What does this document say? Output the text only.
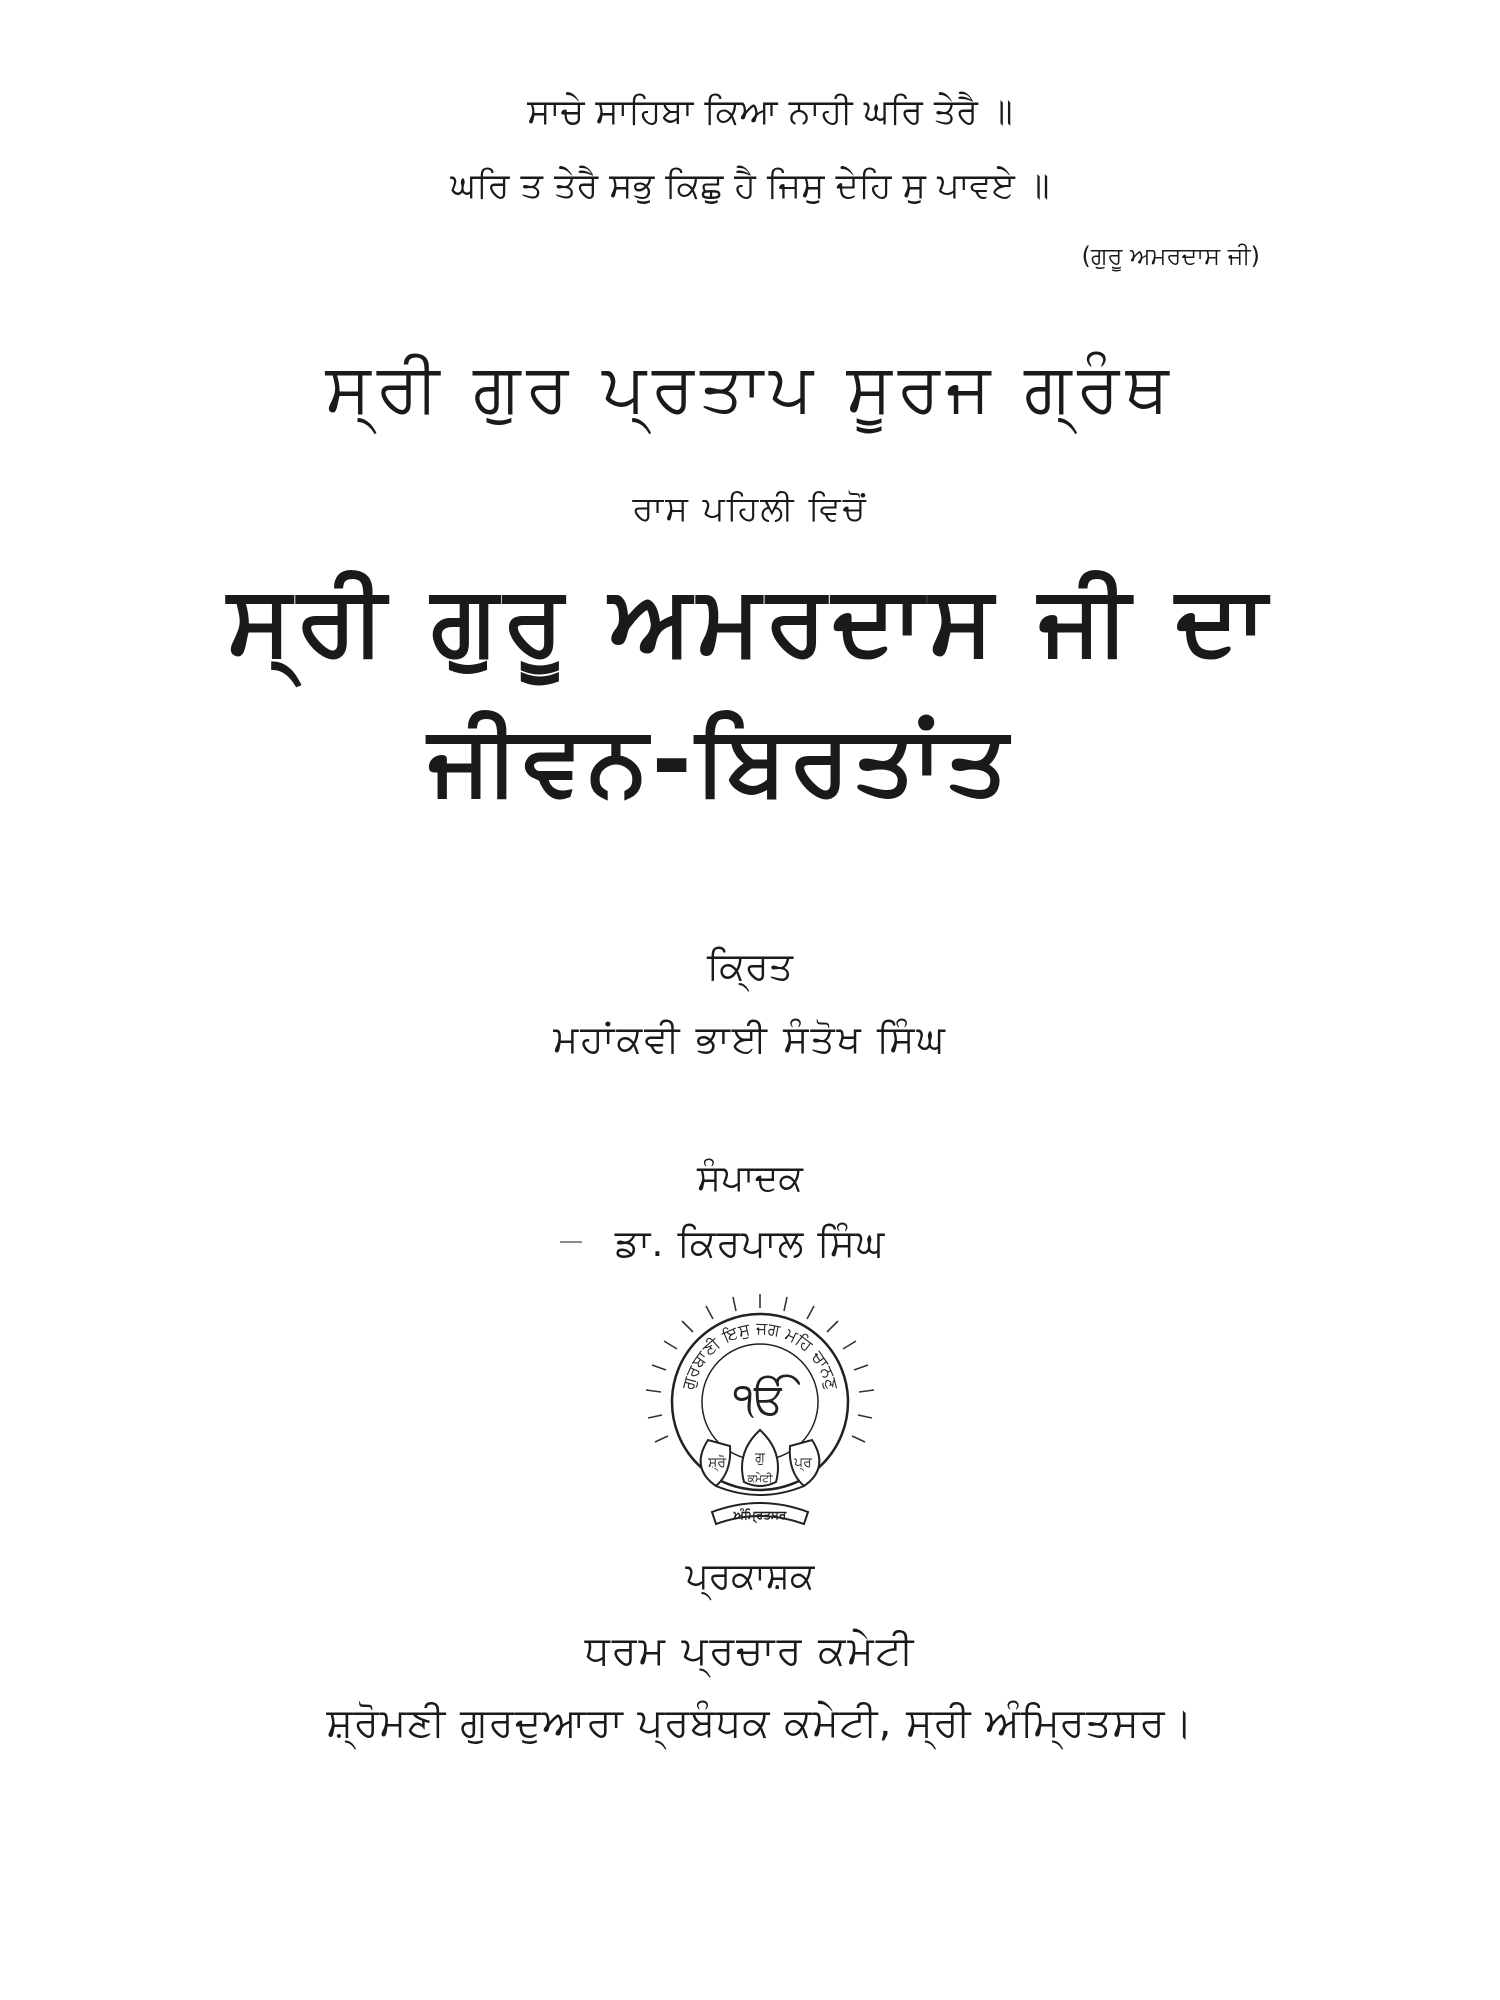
ਸਾਚੇ ਸਾਹਿਬਾ ਕਿਆ ਨਾਹੀ ਘਰਿ ਤੇਰੈ ॥
ਘਰਿ ਤ ਤੇਰੈ ਸਭੁ ਕਿਛੁ ਹੈ ਜਿਸੁ ਦੇਹਿ ਸੁ ਪਾਵਏ ॥
(ਗੁਰੂ ਅਮਰਦਾਸ ਜੀ)
ਸ੍ਰੀ ਗੁਰ ਪ੍ਰਤਾਪ ਸੂਰਜ ਗ੍ਰੰਥ
ਰਾਸ ਪਹਿਲੀ ਵਿਚੋਂ
ਸ੍ਰੀ ਗੁਰੂ ਅਮਰਦਾਸ ਜੀ ਦਾ
ਜੀਵਨ-ਬਿਰਤਾਂਤ
ਕ੍ਰਿਤ
ਮਹਾਂਕਵੀ ਭਾਈ ਸੰਤੋਖ ਸਿੰਘ
ਸੰਪਾਦਕ
ਡਾ. ਕਿਰਪਾਲ ਸਿੰਘ
ਗੁਰਬਾਣੀ ਇਸੁ ਜਗ ਮਹਿ ਚਾਨਣੁ
ੴ
ਸ਼੍ਰੋ ਗੁ ਪ੍ਰ
ਕਮੇਟੀ
ਅੰਮ੍ਰਿਤਸਰ
ਪ੍ਰਕਾਸ਼ਕ
ਧਰਮ ਪ੍ਰਚਾਰ ਕਮੇਟੀ
ਸ਼੍ਰੋਮਣੀ ਗੁਰਦੁਆਰਾ ਪ੍ਰਬੰਧਕ ਕਮੇਟੀ, ਸ੍ਰੀ ਅੰਮ੍ਰਿਤਸਰ।
